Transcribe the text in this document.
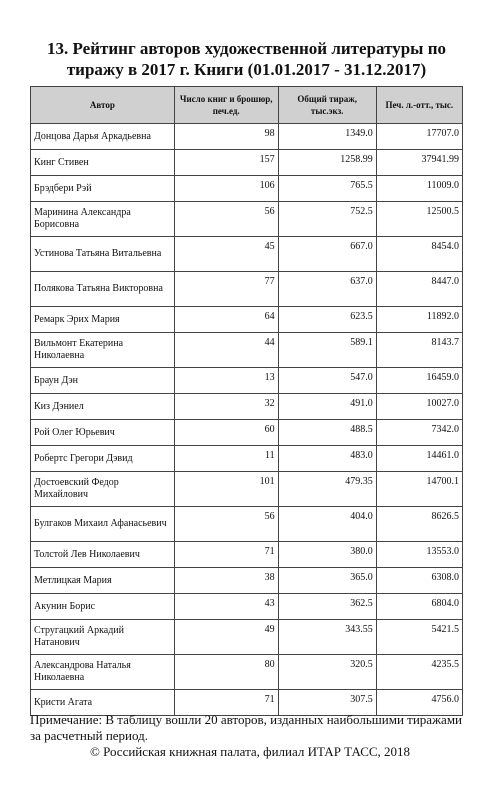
13. Рейтинг авторов художественной литературы по тиражу в 2017 г. Книги (01.01.2017 - 31.12.2017)
Автор	Число книг и брошюр, печ.ед.	Общий тираж, тыс.экз.	Печ. л.-отт., тыс.
Донцова Дарья Аркадьевна	98	1349.0	17707.0
Кинг Стивен	157	1258.99	37941.99
Брэдбери Рэй	106	765.5	11009.0
Маринина Александра Борисовна	56	752.5	12500.5
Устинова Татьяна Витальевна	45	667.0	8454.0
Полякова Татьяна Викторовна	77	637.0	8447.0
Ремарк Эрих Мария	64	623.5	11892.0
Вильмонт Екатерина Николаевна	44	589.1	8143.7
Браун Дэн	13	547.0	16459.0
Киз Дэниел	32	491.0	10027.0
Рой Олег Юрьевич	60	488.5	7342.0
Робертс Грегори Дэвид	11	483.0	14461.0
Достоевский Федор Михайлович	101	479.35	14700.1
Булгаков Михаил Афанасьевич	56	404.0	8626.5
Толстой Лев Николаевич	71	380.0	13553.0
Метлицкая Мария	38	365.0	6308.0
Акунин Борис	43	362.5	6804.0
Стругацкий Аркадий Натанович	49	343.55	5421.5
Александрова Наталья Николаевна	80	320.5	4235.5
Кристи Агата	71	307.5	4756.0
Примечание: В таблицу вошли 20 авторов, изданных наибольшими тиражами за расчетный период.
© Российская книжная палата, филиал ИТАР ТАСС, 2018
